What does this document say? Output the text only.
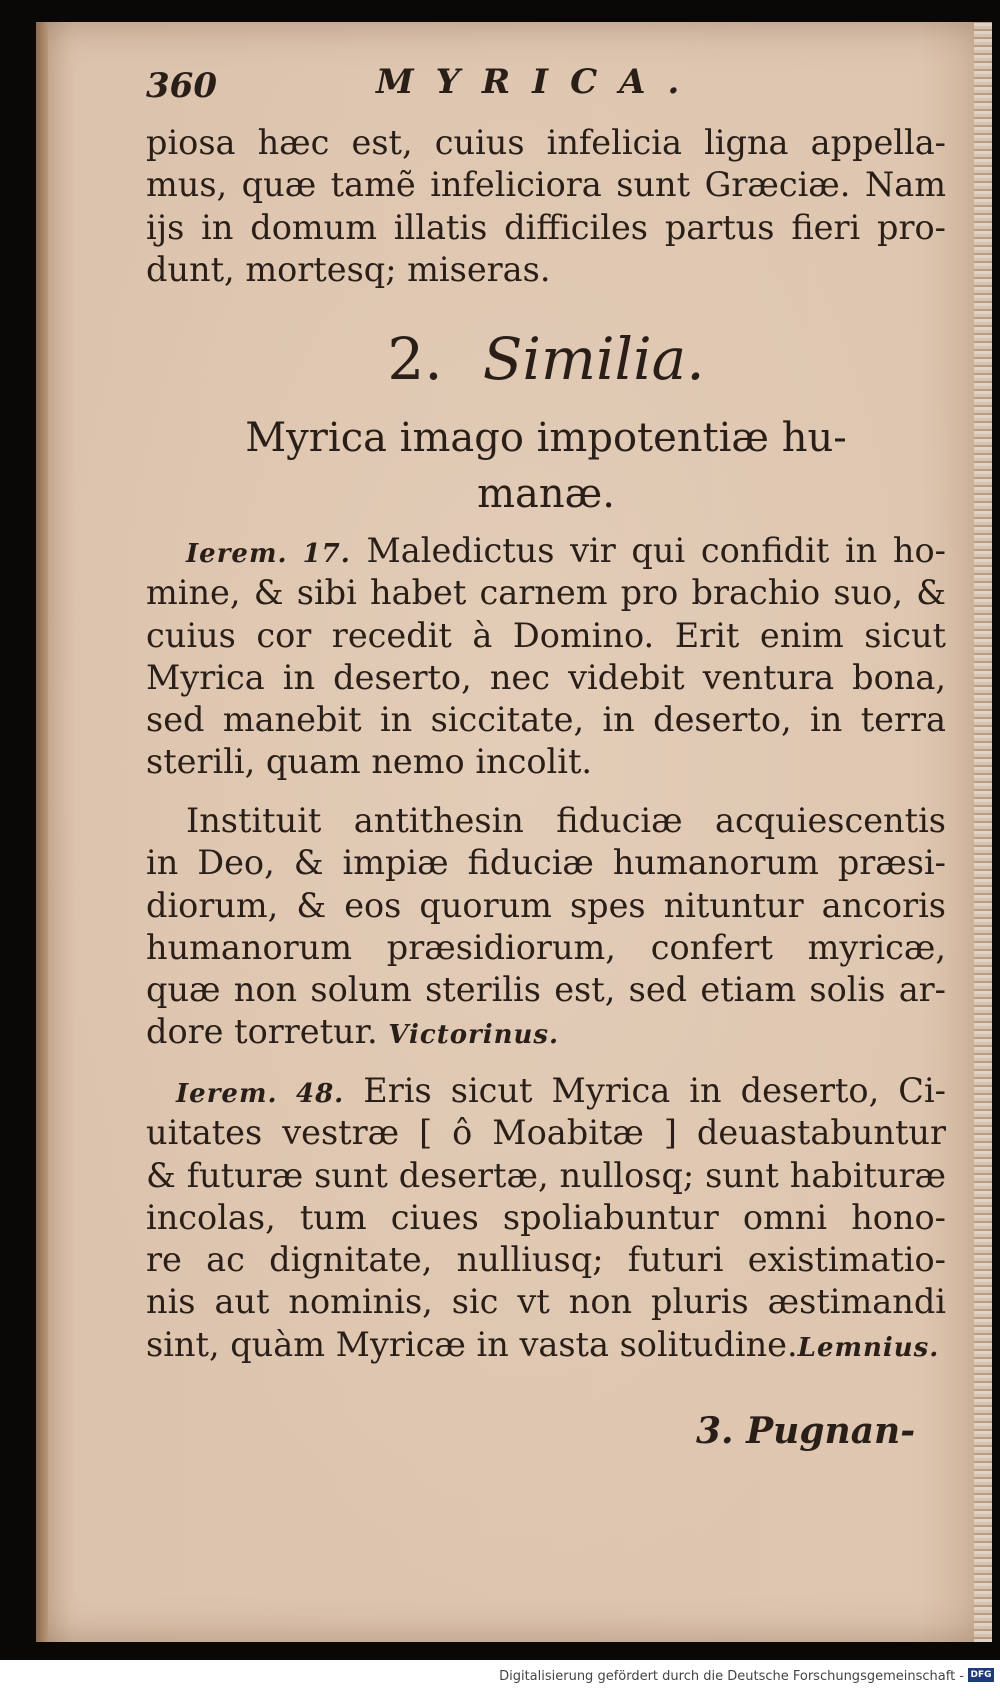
360	MYRICA.
piosa hæc est, cuius infelicia ligna appella-
mus, quæ tamẽ infeliciora sunt Græciæ. Nam
ijs in domum illatis difficiles partus fieri pro-
dunt, mortesq; miseras.
2. Similia.
Myrica imago impotentiæ hu-
manæ.
Ierem. 17. Maledictus vir qui confidit in ho-
mine, & sibi habet carnem pro brachio suo, &
cuius cor recedit à Domino. Erit enim sicut
Myrica in deserto, nec videbit ventura bona,
sed manebit in siccitate, in deserto, in terra
sterili, quam nemo incolit.
Instituit antithesin fiduciæ acquiescentis
in Deo, & impiæ fiduciæ humanorum præsi-
diorum, & eos quorum spes nituntur ancoris
humanorum præsidiorum, confert myricæ,
quæ non solum sterilis est, sed etiam solis ar-
dore torretur. Victorinus.
Ierem. 48. Eris sicut Myrica in deserto, Ci-
uitates vestræ [ ô Moabitæ ] deuastabuntur
& futuræ sunt desertæ, nullosq; sunt habituræ
incolas, tum ciues spoliabuntur omni hono-
re ac dignitate, nulliusq; futuri existimatio-
nis aut nominis, sic vt non pluris æstimandi
sint, quàm Myricæ in vasta solitudine.Lemnius.
3. Pugnan-
Digitalisierung gefördert durch die Deutsche Forschungsgemeinschaft - DFG
